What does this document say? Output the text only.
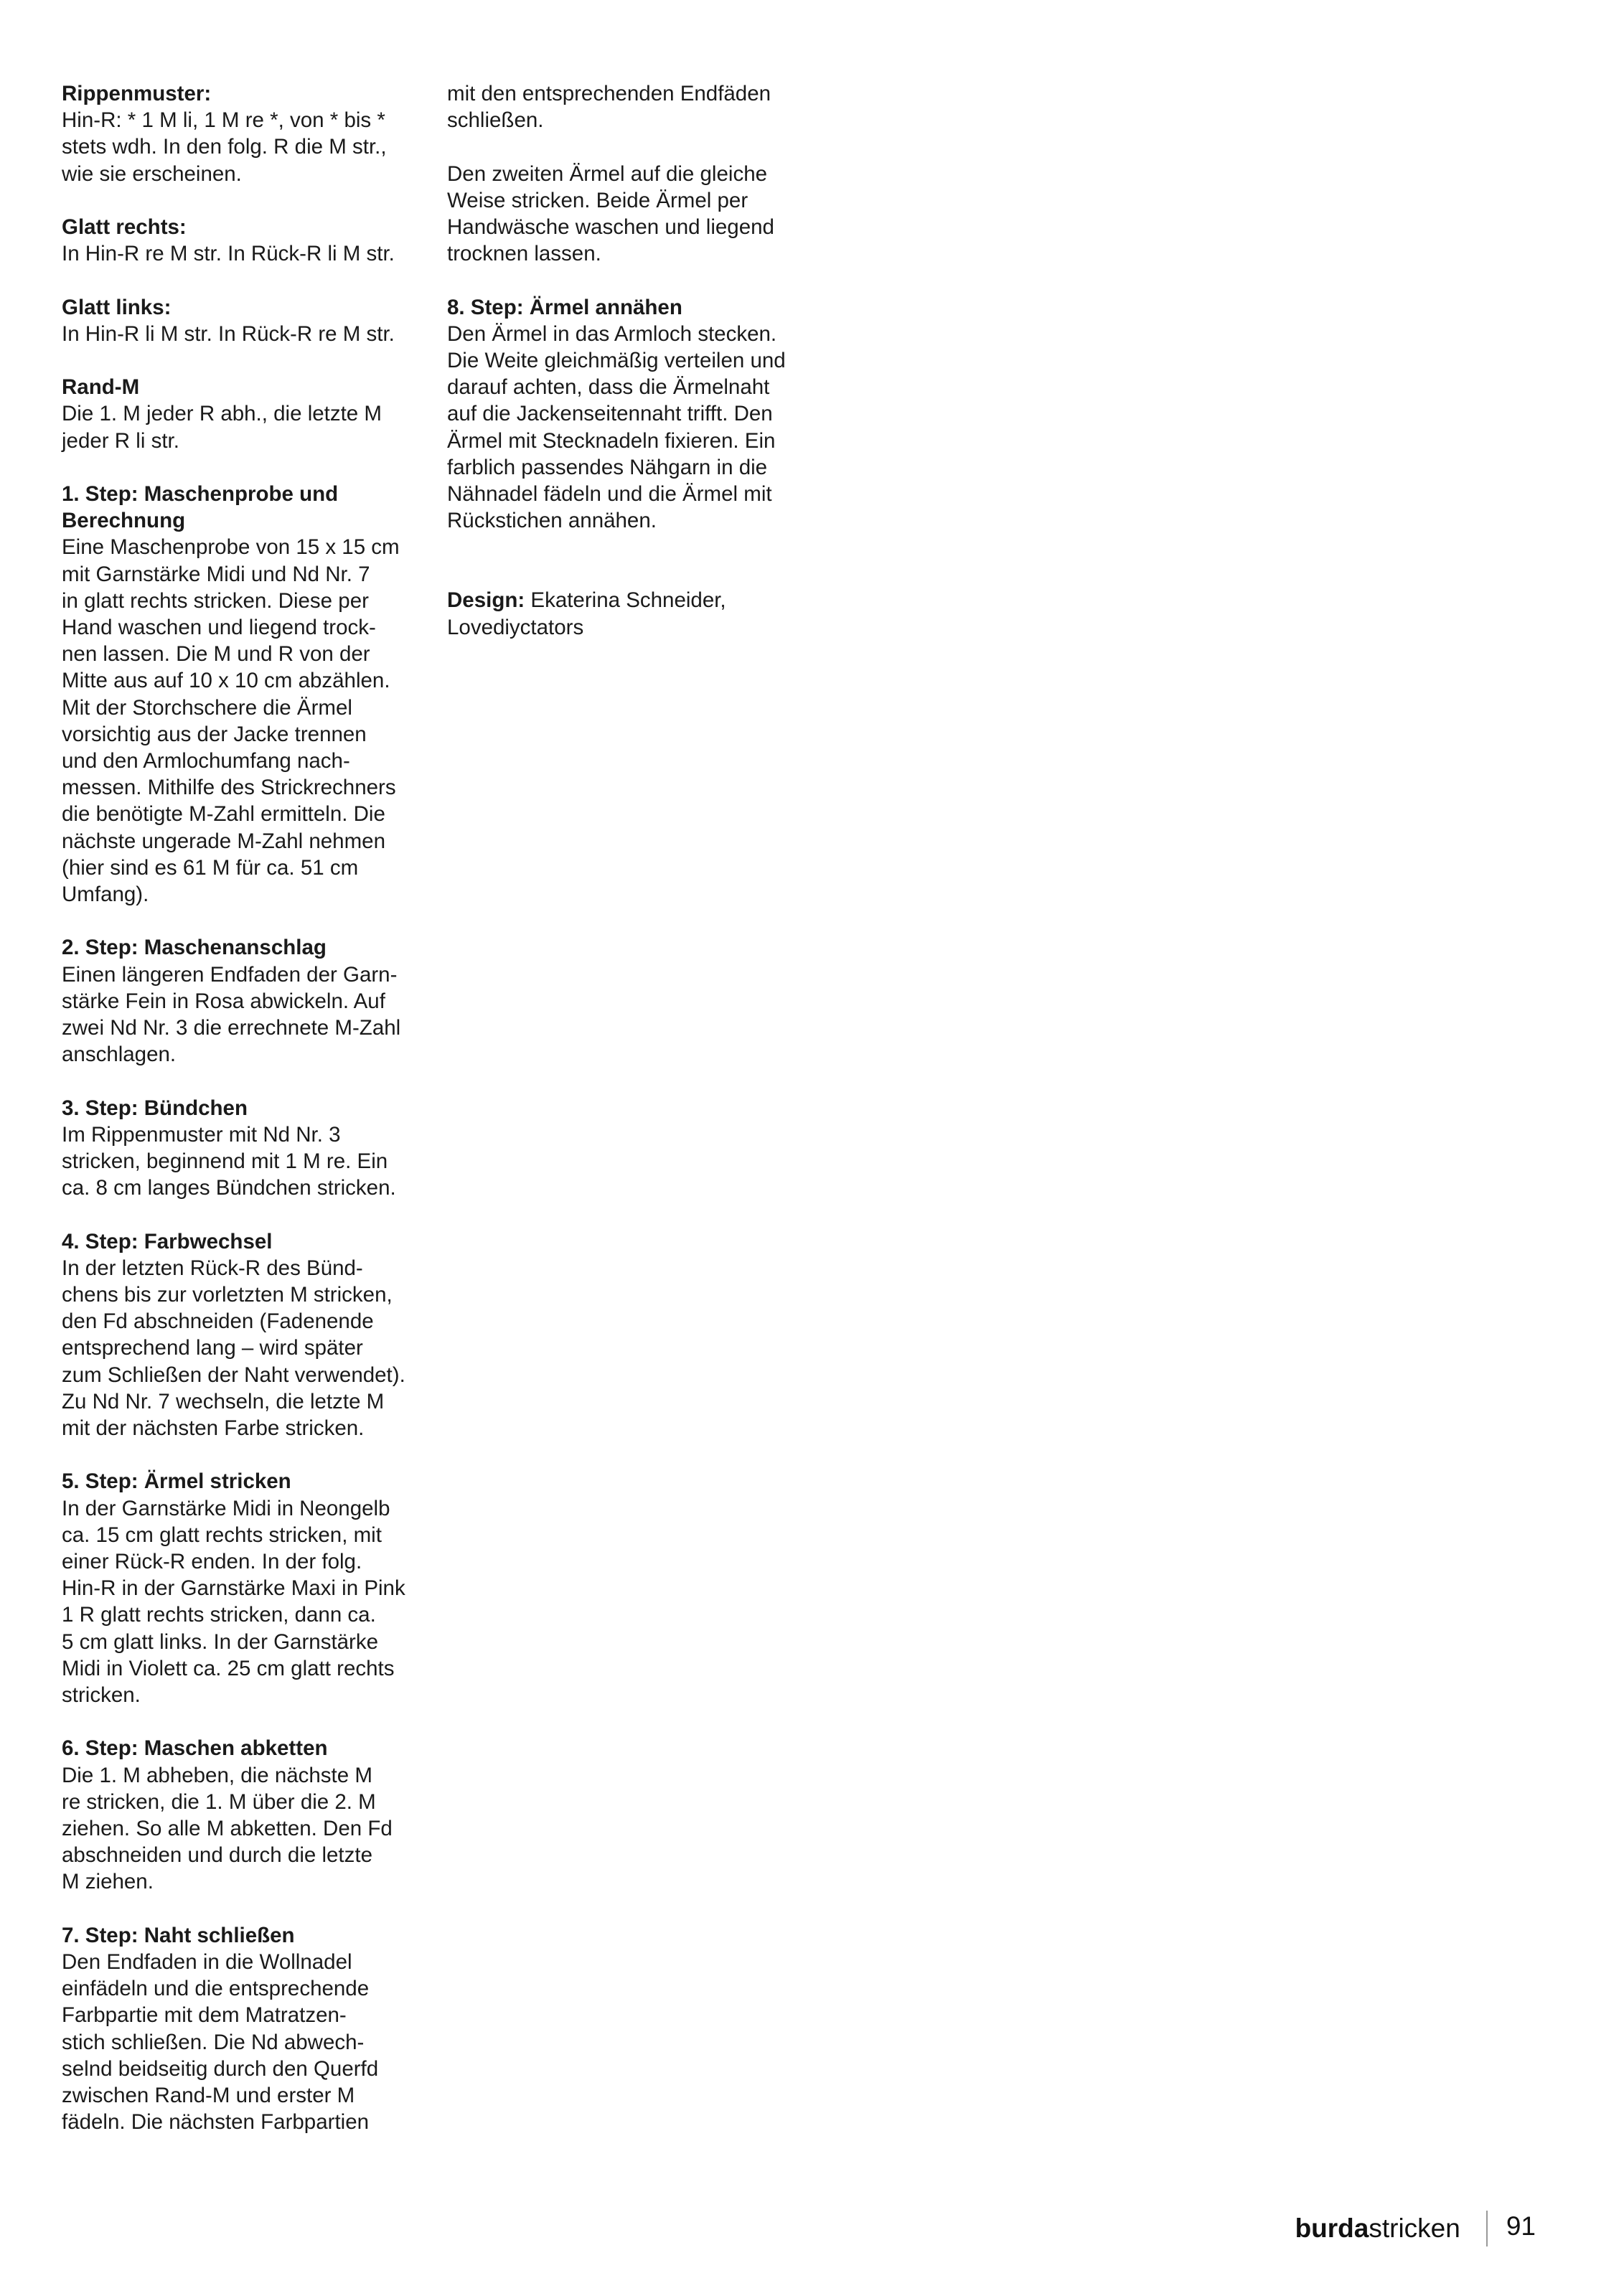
Rippenmuster:
Hin-R: * 1 M li, 1 M re *, von * bis *
stets wdh. In den folg. R die M str.,
wie sie erscheinen.
Glatt rechts:
In Hin-R re M str. In Rück-R li M str.
Glatt links:
In Hin-R li M str. In Rück-R re M str.
Rand-M
Die 1. M jeder R abh., die letzte M
jeder R li str.
1. Step: Maschenprobe und
Berechnung
Eine Maschenprobe von 15 x 15 cm
mit Garnstärke Midi und Nd Nr. 7
in glatt rechts stricken. Diese per
Hand waschen und liegend trock-
nen lassen. Die M und R von der
Mitte aus auf 10 x 10 cm abzählen.
Mit der Storchschere die Ärmel
vorsichtig aus der Jacke trennen
und den Armlochumfang nach-
messen. Mithilfe des Strickrechners
die benötigte M-Zahl ermitteln. Die
nächste ungerade M-Zahl nehmen
(hier sind es 61 M für ca. 51 cm
Umfang).
2. Step: Maschenanschlag
Einen längeren Endfaden der Garn-
stärke Fein in Rosa abwickeln. Auf
zwei Nd Nr. 3 die errechnete M-Zahl
anschlagen.
3. Step: Bündchen
Im Rippenmuster mit Nd Nr. 3
stricken, beginnend mit 1 M re. Ein
ca. 8 cm langes Bündchen stricken.
4. Step: Farbwechsel
In der letzten Rück-R des Bünd-
chens bis zur vorletzten M stricken,
den Fd abschneiden (Fadenende
entsprechend lang – wird später
zum Schließen der Naht verwendet).
Zu Nd Nr. 7 wechseln, die letzte M
mit der nächsten Farbe stricken.
5. Step: Ärmel stricken
In der Garnstärke Midi in Neongelb
ca. 15 cm glatt rechts stricken, mit
einer Rück-R enden. In der folg.
Hin-R in der Garnstärke Maxi in Pink
1 R glatt rechts stricken, dann ca.
5 cm glatt links. In der Garnstärke
Midi in Violett ca. 25 cm glatt rechts
stricken.
6. Step: Maschen abketten
Die 1. M abheben, die nächste M
re stricken, die 1. M über die 2. M
ziehen. So alle M abketten. Den Fd
abschneiden und durch die letzte
M ziehen.
7. Step: Naht schließen
Den Endfaden in die Wollnadel
einfädeln und die entsprechende
Farbpartie mit dem Matratzen-
stich schließen. Die Nd abwech-
selnd beidseitig durch den Querfd
zwischen Rand-M und erster M
fädeln. Die nächsten Farbpartien
mit den entsprechenden Endfäden
schließen.
Den zweiten Ärmel auf die gleiche
Weise stricken. Beide Ärmel per
Handwäsche waschen und liegend
trocknen lassen.
8. Step: Ärmel annähen
Den Ärmel in das Armloch stecken.
Die Weite gleichmäßig verteilen und
darauf achten, dass die Ärmelnaht
auf die Jackenseitennaht trifft. Den
Ärmel mit Stecknadeln fixieren. Ein
farblich passendes Nähgarn in die
Nähnadel fädeln und die Ärmel mit
Rückstichen annähen.
Design: Ekaterina Schneider,
Lovediyctators
burda stricken 91
